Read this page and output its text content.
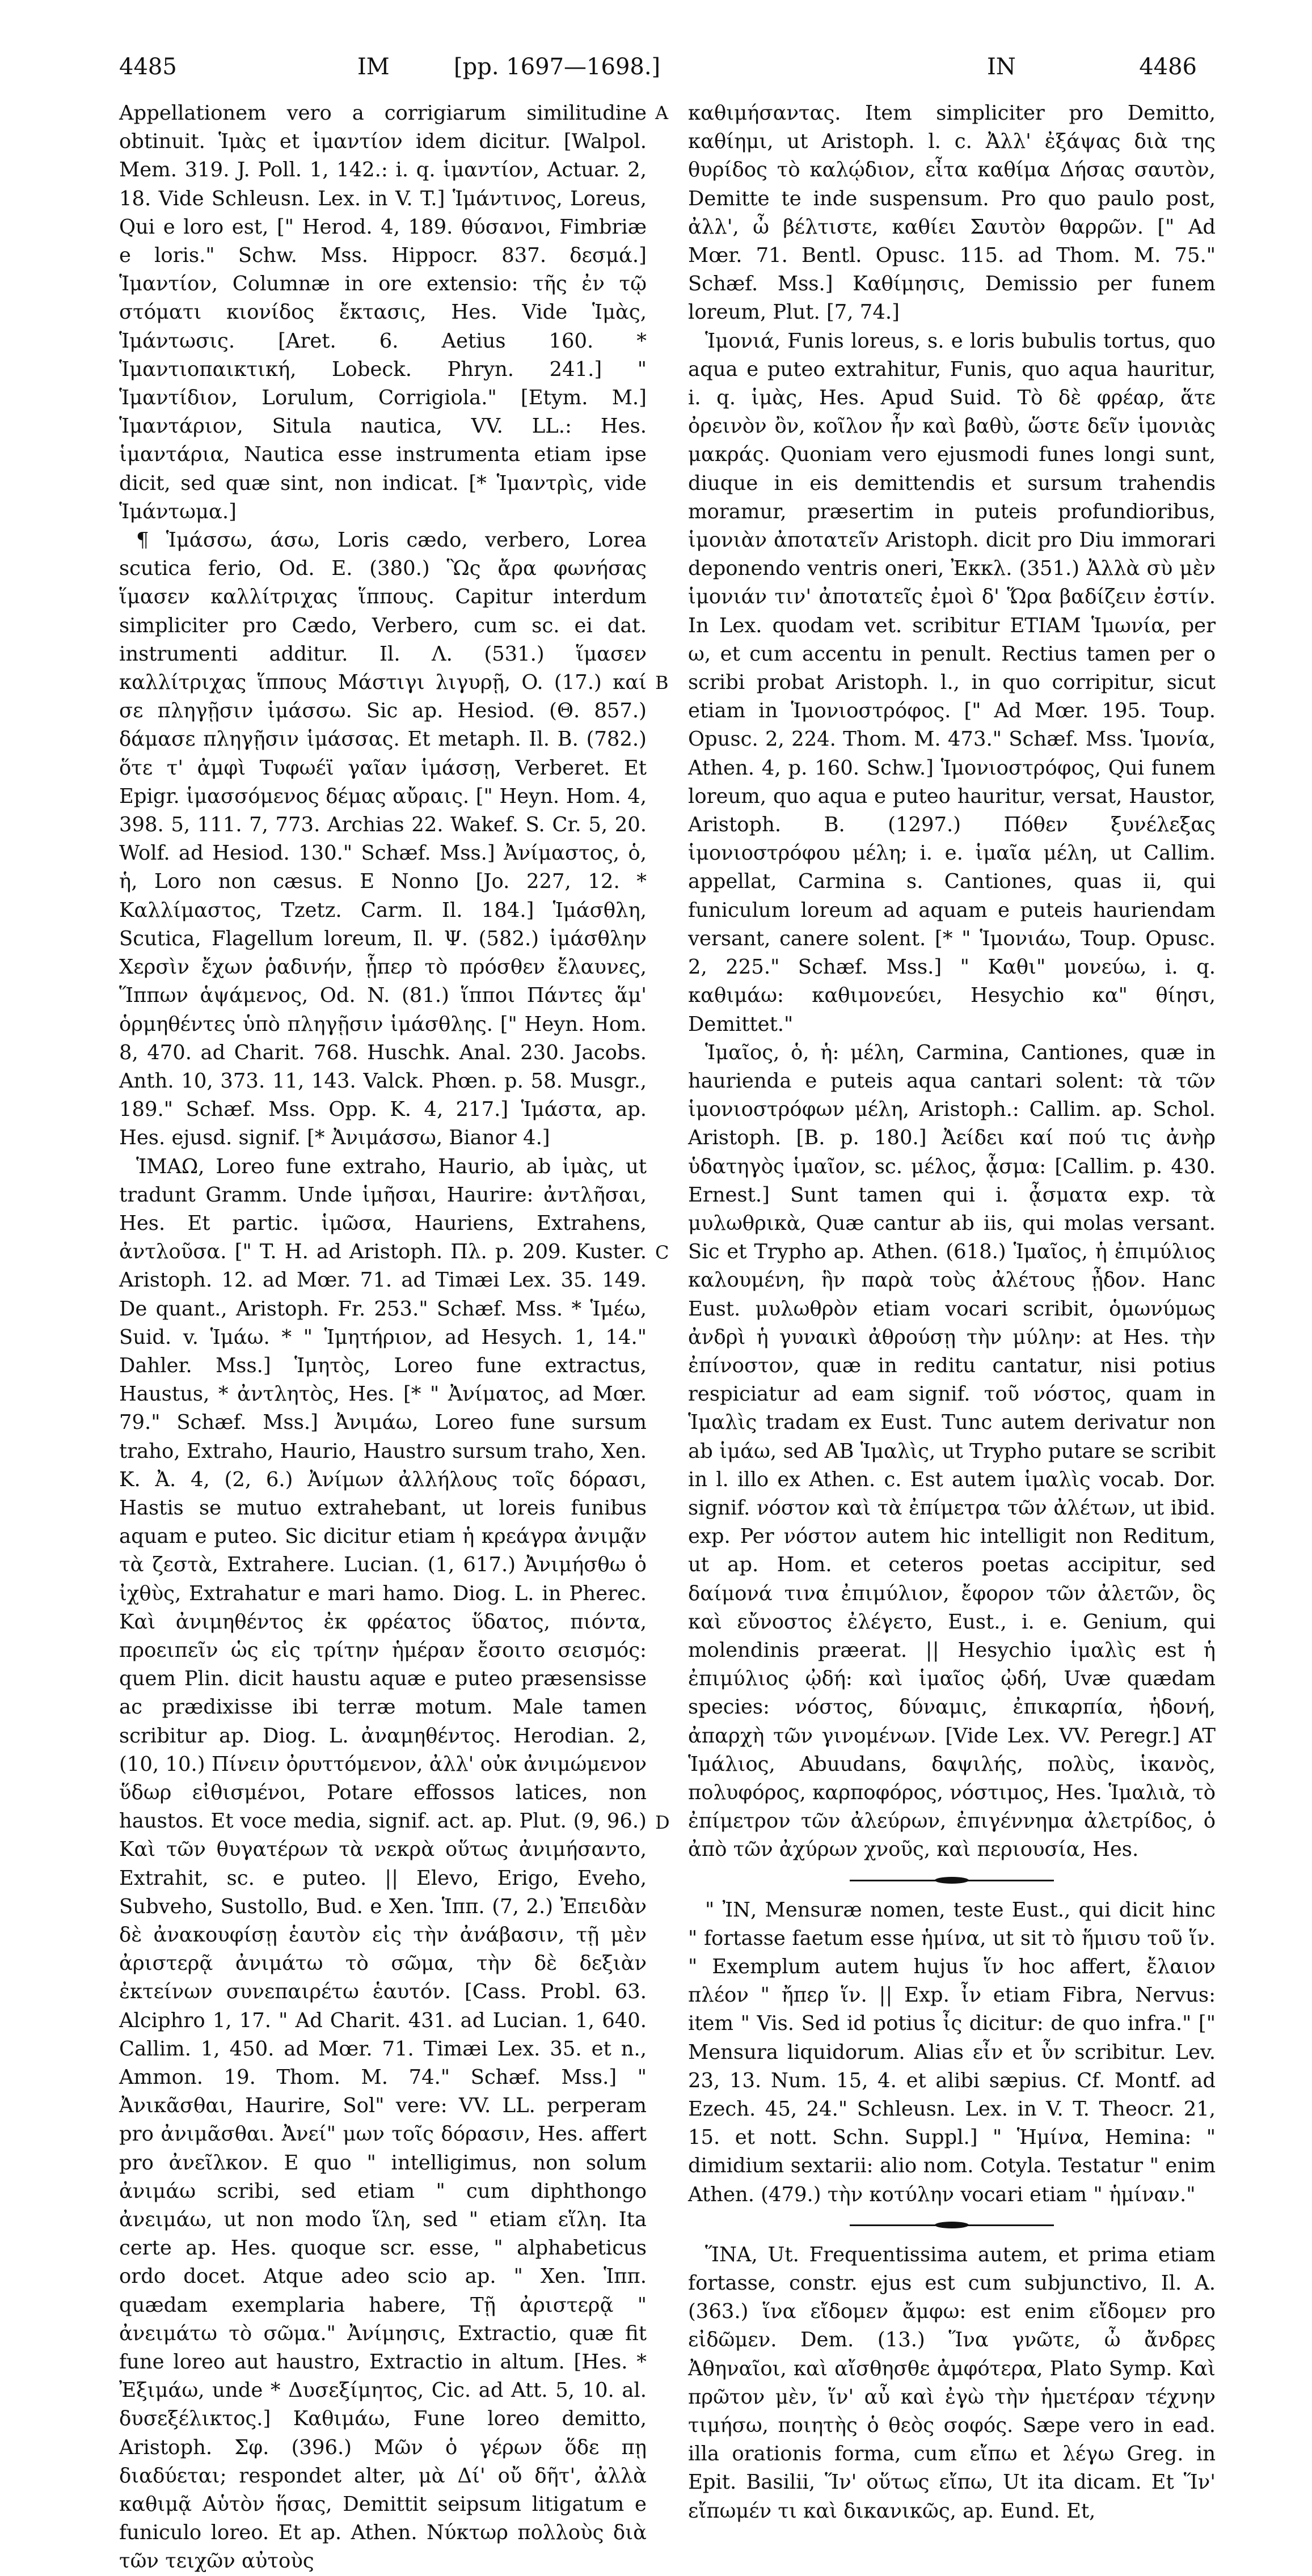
4485	IM	[pp. 1697—1698.]	IN	4486
A
B
C
D

Appellationem vero a corrigiarum similitudine obtinuit. Ἱμὰς et ἱμαντίον idem dicitur. [Walpol. Mem. 319. J. Poll. 1, 142.: i. q. ἱμαντίον, Actuar. 2, 18. Vide Schleusn. Lex. in V. T.] Ἱμάντινος, Loreus, Qui e loro est, [" Herod. 4, 189. θύσανοι, Fimbriæ e loris." Schw. Mss. Hippocr. 837. δεσμά.] Ἱμαντίον, Columnæ in ore extensio: τῆς ἐν τῷ στόματι κιονίδος ἔκτασις, Hes. Vide Ἱμὰς, Ἱμάντωσις. [Aret. 6. Aetius 160. * Ἱμαντιοπαικτική, Lobeck. Phryn. 241.] " Ἱμαντίδιον, Lorulum, Corrigiola." [Etym. M.] Ἱμαντάριον, Situla nautica, VV. LL.: Hes. ἱμαντάρια, Nautica esse instrumenta etiam ipse dicit, sed quæ sint, non indicat. [* Ἱμαντρὶς, vide Ἱμάντωμα.]

¶ Ἱμάσσω, άσω, Loris cædo, verbero, Lorea scutica ferio, Od. E. (380.) Ὣς ἄρα φωνήσας ἵμασεν καλλίτριχας ἵππους. Capitur interdum simpliciter pro Cædo, Verbero, cum sc. ei dat. instrumenti additur. Il. Λ. (531.) ἵμασεν καλλίτριχας ἵππους Μάστιγι λιγυρῇ, O. (17.) καί σε πληγῇσιν ἱμάσσω. Sic ap. Hesiod. (Θ. 857.) δάμασε πληγῇσιν ἱμάσσας. Et metaph. Il. B. (782.) ὅτε τ' ἀμφὶ Τυφωέϊ γαῖαν ἱμάσσῃ, Verberet. Et Epigr. ἱμασσόμενος δέμας αὔραις. [" Heyn. Hom. 4, 398. 5, 111. 7, 773. Archias 22. Wakef. S. Cr. 5, 20. Wolf. ad Hesiod. 130." Schæf. Mss.] Ἀνίμαστος, ὁ, ἡ, Loro non cæsus. E Nonno [Jo. 227, 12. * Καλλίμαστος, Tzetz. Carm. Il. 184.] Ἱμάσθλη, Scutica, Flagellum loreum, Il. Ψ. (582.) ἱμάσθλην Χερσὶν ἔχων ῥαδινήν, ᾗπερ τὸ πρόσθεν ἔλαυνες, Ἵππων ἁψάμενος, Od. N. (81.) ἵπποι Πάντες ἅμ' ὁρμηθέντες ὑπὸ πληγῇσιν ἱμάσθλης. [" Heyn. Hom. 8, 470. ad Charit. 768. Huschk. Anal. 230. Jacobs. Anth. 10, 373. 11, 143. Valck. Phœn. p. 58. Musgr., 189." Schæf. Mss. Opp. K. 4, 217.] Ἱμάστα, ap. Hes. ejusd. signif. [* Ἀνιμάσσω, Bianor 4.]

ἹΜΑΩ, Loreo fune extraho, Haurio, ab ἱμὰς, ut tradunt Gramm. Unde ἱμῆσαι, Haurire: ἀντλῆσαι, Hes. Et partic. ἱμῶσα, Hauriens, Extrahens, ἀντλοῦσα. [" T. H. ad Aristoph. Πλ. p. 209. Kuster. Aristoph. 12. ad Mœr. 71. ad Timæi Lex. 35. 149. De quant., Aristoph. Fr. 253." Schæf. Mss. * Ἱμέω, Suid. v. Ἱμάω. * " Ἱμητήριον, ad Hesych. 1, 14." Dahler. Mss.] Ἱμητὸς, Loreo fune extractus, Haustus, * ἀντλητὸς, Hes. [* " Ἀνίματος, ad Mœr. 79." Schæf. Mss.] Ἀνιμάω, Loreo fune sursum traho, Extraho, Haurio, Haustro sursum traho, Xen. K. Ἀ. 4, (2, 6.) Ἀνίμων ἀλλήλους τοῖς δόρασι, Hastis se mutuo extrahebant, ut loreis funibus aquam e puteo. Sic dicitur etiam ἡ κρεάγρα ἀνιμᾷν τὰ ζεστὰ, Extrahere. Lucian. (1, 617.) Ἀνιμήσθω ὁ ἰχθὺς, Extrahatur e mari hamo. Diog. L. in Pherec. Καὶ ἀνιμηθέντος ἐκ φρέατος ὕδατος, πιόντα, προειπεῖν ὡς εἰς τρίτην ἡμέραν ἔσοιτο σεισμός: quem Plin. dicit haustu aquæ e puteo præsensisse ac prædixisse ibi terræ motum. Male tamen scribitur ap. Diog. L. ἀναμηθέντος. Herodian. 2, (10, 10.) Πίνειν ὀρυττόμενον, ἀλλ' οὐκ ἀνιμώμενον ὕδωρ εἰθισμένοι, Potare effossos latices, non haustos. Et voce media, signif. act. ap. Plut. (9, 96.) Καὶ τῶν θυγατέρων τὰ νεκρὰ οὕτως ἀνιμήσαντο, Extrahit, sc. e puteo. || Elevo, Erigo, Eveho, Subveho, Sustollo, Bud. e Xen. Ἱππ. (7, 2.) Ἐπειδὰν δὲ ἀνακουφίσῃ ἑαυτὸν εἰς τὴν ἀνάβασιν, τῇ μὲν ἀριστερᾷ ἀνιμάτω τὸ σῶμα, τὴν δὲ δεξιὰν ἐκτείνων συνεπαιρέτω ἑαυτόν. [Cass. Probl. 63. Alciphro 1, 17. " Ad Charit. 431. ad Lucian. 1, 640. Callim. 1, 450. ad Mœr. 71. Timæi Lex. 35. et n., Ammon. 19. Thom. M. 74." Schæf. Mss.] " Ἀνικᾶσθαι, Haurire, Sol" vere: VV. LL. perperam pro ἀνιμᾶσθαι. Ἀνεί" μων τοῖς δόρασιν, Hes. affert pro ἀνεῖλκον. E quo " intelligimus, non solum ἀνιμάω scribi, sed etiam " cum diphthongo ἀνειμάω, ut non modo ἵλη, sed " etiam εἵλη. Ita certe ap. Hes. quoque scr. esse, " alphabeticus ordo docet. Atque adeo scio ap. " Xen. Ἱππ. quædam exemplaria habere, Τῇ ἀριστερᾷ " ἀνειμάτω τὸ σῶμα." Ἀνίμησις, Extractio, quæ fit fune loreo aut haustro, Extractio in altum. [Hes. * Ἐξιμάω, unde * Δυσεξίμητος, Cic. ad Att. 5, 10. al. δυσεξέλικτος.] Καθιμάω, Fune loreo demitto, Aristoph. Σφ. (396.) Μῶν ὁ γέρων ὅδε πῃ διαδύεται; respondet alter, μὰ Δί' οὔ δῆτ', ἀλλὰ καθιμᾷ Αὑτὸν ἥσας, Demittit seipsum litigatum e funiculo loreo. Et ap. Athen. Νύκτωρ πολλοὺς διὰ τῶν τειχῶν αὐτοὺς

καθιμήσαντας. Item simpliciter pro Demitto, καθίημι, ut Aristoph. l. c. Ἀλλ' ἐξάψας διὰ της θυρίδος τὸ καλῴδιον, εἶτα καθίμα Δήσας σαυτὸν, Demitte te inde suspensum. Pro quo paulo post, ἀλλ', ὦ βέλτιστε, καθίει Σαυτὸν θαρρῶν. [" Ad Mœr. 71. Bentl. Opusc. 115. ad Thom. M. 75." Schæf. Mss.] Καθίμησις, Demissio per funem loreum, Plut. [7, 74.]

Ἱμονιά, Funis loreus, s. e loris bubulis tortus, quo aqua e puteo extrahitur, Funis, quo aqua hauritur, i. q. ἱμὰς, Hes. Apud Suid. Τὸ δὲ φρέαρ, ἅτε ὀρεινὸν ὂν, κοῖλον ἦν καὶ βαθὺ, ὥστε δεῖν ἱμονιὰς μακράς. Quoniam vero ejusmodi funes longi sunt, diuque in eis demittendis et sursum trahendis moramur, præsertim in puteis profundioribus, ἱμονιὰν ἀποτατεῖν Aristoph. dicit pro Diu immorari deponendo ventris oneri, Ἐκκλ. (351.) Ἀλλὰ σὺ μὲν ἱμονιάν τιν' ἀποτατεῖς ἐμοὶ δ' Ὥρα βαδίζειν ἐστίν. In Lex. quodam vet. scribitur ETIAM Ἱμωνία, per ω, et cum accentu in penult. Rectius tamen per o scribi probat Aristoph. l., in quo corripitur, sicut etiam in Ἱμονιοστρόφος. [" Ad Mœr. 195. Toup. Opusc. 2, 224. Thom. M. 473." Schæf. Mss. Ἱμονία, Athen. 4, p. 160. Schw.] Ἱμονιοστρόφος, Qui funem loreum, quo aqua e puteo hauritur, versat, Haustor, Aristoph. B. (1297.) Πόθεν ξυνέλεξας ἱμονιοστρόφου μέλη; i. e. ἱμαῖα μέλη, ut Callim. appellat, Carmina s. Cantiones, quas ii, qui funiculum loreum ad aquam e puteis hauriendam versant, canere solent. [* " Ἱμονιάω, Toup. Opusc. 2, 225." Schæf. Mss.] " Καθι" μονεύω, i. q. καθιμάω: καθιμονεύει, Hesychio κα" θίησι, Demittet."

Ἱμαῖος, ὁ, ἡ: μέλη, Carmina, Cantiones, quæ in haurienda e puteis aqua cantari solent: τὰ τῶν ἱμονιοστρόφων μέλη, Aristoph.: Callim. ap. Schol. Aristoph. [B. p. 180.] Ἀείδει καί πού τις ἀνὴρ ὑδατηγὸς ἱμαῖον, sc. μέλος, ᾆσμα: [Callim. p. 430. Ernest.] Sunt tamen qui i. ᾆσματα exp. τὰ μυλωθρικὰ, Quæ cantur ab iis, qui molas versant. Sic et Trypho ap. Athen. (618.) Ἱμαῖος, ἡ ἐπιμύλιος καλουμένη, ἣν παρὰ τοὺς ἀλέτους ᾖδον. Hanc Eust. μυλωθρὸν etiam vocari scribit, ὁμωνύμως ἀνδρὶ ἡ γυναικὶ ἀθρούσῃ τὴν μύλην: at Hes. τὴν ἐπίνοστον, quæ in reditu cantatur, nisi potius respiciatur ad eam signif. τοῦ νόστος, quam in Ἱμαλὶς tradam ex Eust. Tunc autem derivatur non ab ἱμάω, sed AB Ἱμαλὶς, ut Trypho putare se scribit in l. illo ex Athen. c. Est autem ἱμαλὶς vocab. Dor. signif. νόστον καὶ τὰ ἐπίμετρα τῶν ἀλέτων, ut ibid. exp. Per νόστον autem hic intelligit non Reditum, ut ap. Hom. et ceteros poetas accipitur, sed δαίμονά τινα ἐπιμύλιον, ἔφορον τῶν ἀλετῶν, ὃς καὶ εὔνοστος ἐλέγετο, Eust., i. e. Genium, qui molendinis præerat. || Hesychio ἱμαλὶς est ἡ ἐπιμύλιος ᾠδή: καὶ ἱμαῖος ᾠδή, Uvæ quædam species: νόστος, δύναμις, ἐπικαρπία, ἡδονή, ἀπαρχὴ τῶν γινομένων. [Vide Lex. VV. Peregr.] AT Ἱμάλιος, Abuudans, δαψιλής, πολὺς, ἱκανὸς, πολυφόρος, καρποφόρος, νόστιμος, Hes. Ἱμαλιὰ, τὸ ἐπίμετρον τῶν ἀλεύρων, ἐπιγέννημα ἀλετρίδος, ὁ ἀπὸ τῶν ἀχύρων χνοῦς, καὶ περιουσία, Hes.

" ἸΝ, Mensuræ nomen, teste Eust., qui dicit hinc " fortasse faetum esse ἡμίνα, ut sit τὸ ἥμισυ τοῦ ἵν. " Exemplum autem hujus ἵν hoc affert, ἔλαιον πλέον " ἤπερ ἵν. || Exp. ἶν etiam Fibra, Nervus: item " Vis. Sed id potius ἶς dicitur: de quo infra." [" Mensura liquidorum. Alias εἶν et ὖν scribitur. Lev. 23, 13. Num. 15, 4. et alibi sæpius. Cf. Montf. ad Ezech. 45, 24." Schleusn. Lex. in V. T. Theocr. 21, 15. et nott. Schn. Suppl.] " Ἡμίνα, Hemina: " dimidium sextarii: alio nom. Cotyla. Testatur " enim Athen. (479.) τὴν κοτύλην vocari etiam " ἡμίναν."

ἽΝΑ, Ut. Frequentissima autem, et prima etiam fortasse, constr. ejus est cum subjunctivo, Il. A. (363.) ἵνα εἴδομεν ἄμφω: est enim εἴδομεν pro εἰδῶμεν. Dem. (13.) Ἵνα γνῶτε, ὦ ἄνδρες Ἀθηναῖοι, καὶ αἴσθησθε ἀμφότερα, Plato Symp. Καὶ πρῶτον μὲν, ἵν' αὖ καὶ ἐγὼ τὴν ἡμετέραν τέχνην τιμήσω, ποιητὴς ὁ θεὸς σοφός. Sæpe vero in ead. illa orationis forma, cum εἴπω et λέγω Greg. in Epit. Basilii, Ἵν' οὕτως εἴπω, Ut ita dicam. Et Ἵν' εἴπωμέν τι καὶ δικανικῶς, ap. Eund. Et,
